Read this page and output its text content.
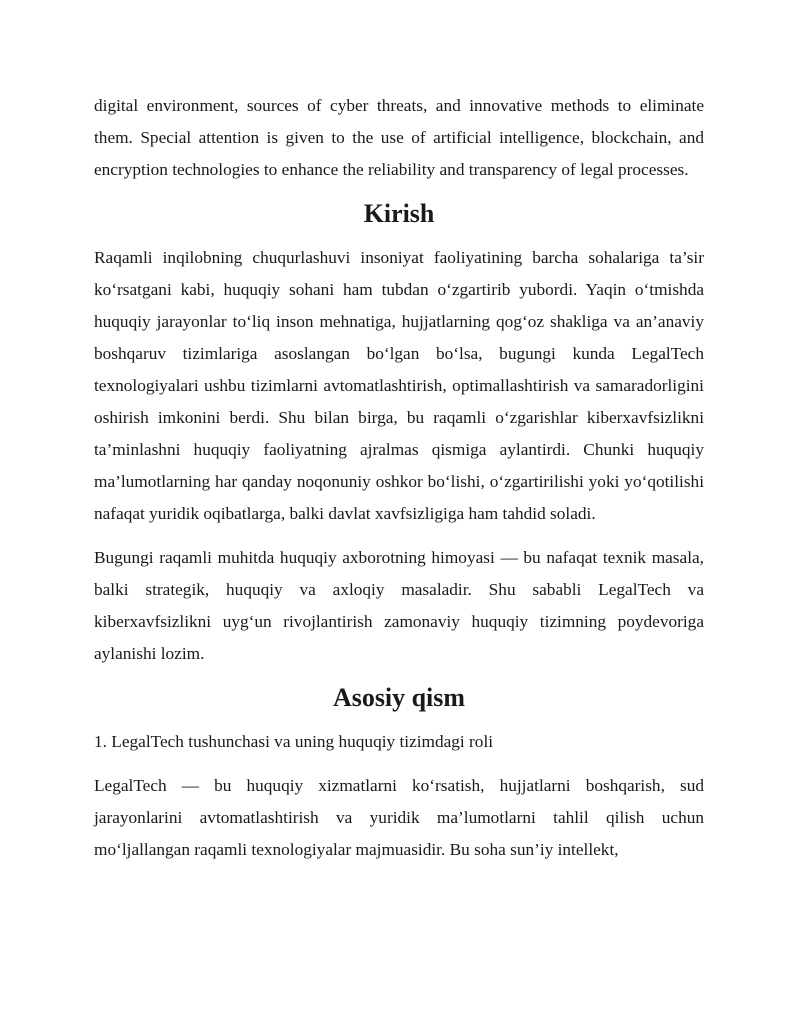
digital environment, sources of cyber threats, and innovative methods to eliminate them. Special attention is given to the use of artificial intelligence, blockchain, and encryption technologies to enhance the reliability and transparency of legal processes.

Kirish

Raqamli inqilobning chuqurlashuvi insoniyat faoliyatining barcha sohalariga ta’sir ko‘rsatgani kabi, huquqiy sohani ham tubdan o‘zgartirib yubordi. Yaqin o‘tmishda huquqiy jarayonlar to‘liq inson mehnatiga, hujjatlarning qog‘oz shakliga va an’anaviy boshqaruv tizimlariga asoslangan bo‘lgan bo‘lsa, bugungi kunda LegalTech texnologiyalari ushbu tizimlarni avtomatlashtirish, optimallashtirish va samaradorligini oshirish imkonini berdi. Shu bilan birga, bu raqamli o‘zgarishlar kiberxavfsizlikni ta’minlashni huquqiy faoliyatning ajralmas qismiga aylantirdi. Chunki huquqiy ma’lumotlarning har qanday noqonuniy oshkor bo‘lishi, o‘zgartirilishi yoki yo‘qotilishi nafaqat yuridik oqibatlarga, balki davlat xavfsizligiga ham tahdid soladi.

Bugungi raqamli muhitda huquqiy axborotning himoyasi — bu nafaqat texnik masala, balki strategik, huquqiy va axloqiy masaladir. Shu sababli LegalTech va kiberxavfsizlikni uyg‘un rivojlantirish zamonaviy huquqiy tizimning poydevoriga aylanishi lozim.

Asosiy qism

1. LegalTech tushunchasi va uning huquqiy tizimdagi roli

LegalTech — bu huquqiy xizmatlarni ko‘rsatish, hujjatlarni boshqarish, sud jarayonlarini avtomatlashtirish va yuridik ma’lumotlarni tahlil qilish uchun mo‘ljallangan raqamli texnologiyalar majmuasidir. Bu soha sun’iy intellekt,
